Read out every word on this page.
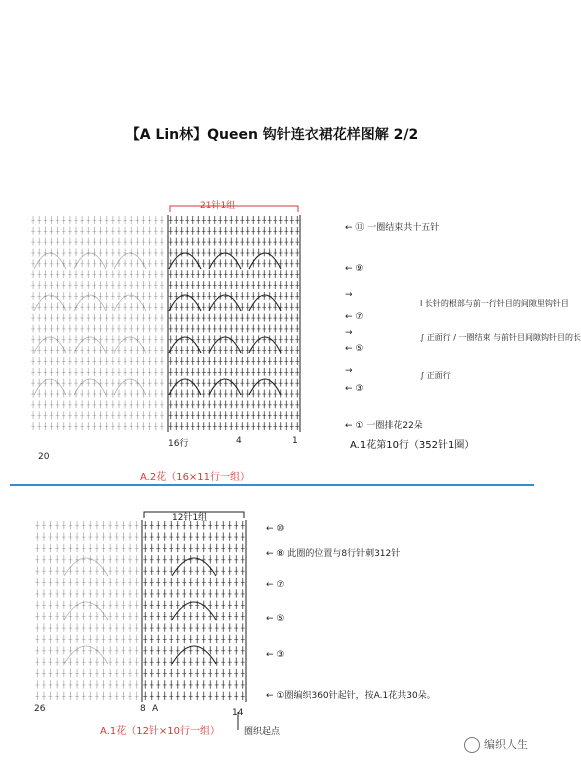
【A Lin林】Queen 钩针连衣裙花样图解 2/2
21针1组
16行	4	1
20
← ⑪ 一圈结束共十五针
← ⑨
→
← ⑦
→
← ⑤
→
← ③
← ① 一圈排花22朵
I 长针的根部与前一行针目的间隙里钩针目
∫ 正面行 / 一圈结束 与前针目间隙钩针目的长
∫ 正面行
A.1花第10行（352针1圈）
A.2花（16×11行一组）
12针1组
8 A
26
← ⑩
← ⑧ 此圈的位置与8行针刺312针
← ⑦
← ⑤
← ③
← ①圈编织360针起针，按A.1花共30朵。
A.1花（12针×10行一组）
14
圈织起点
编织人生
